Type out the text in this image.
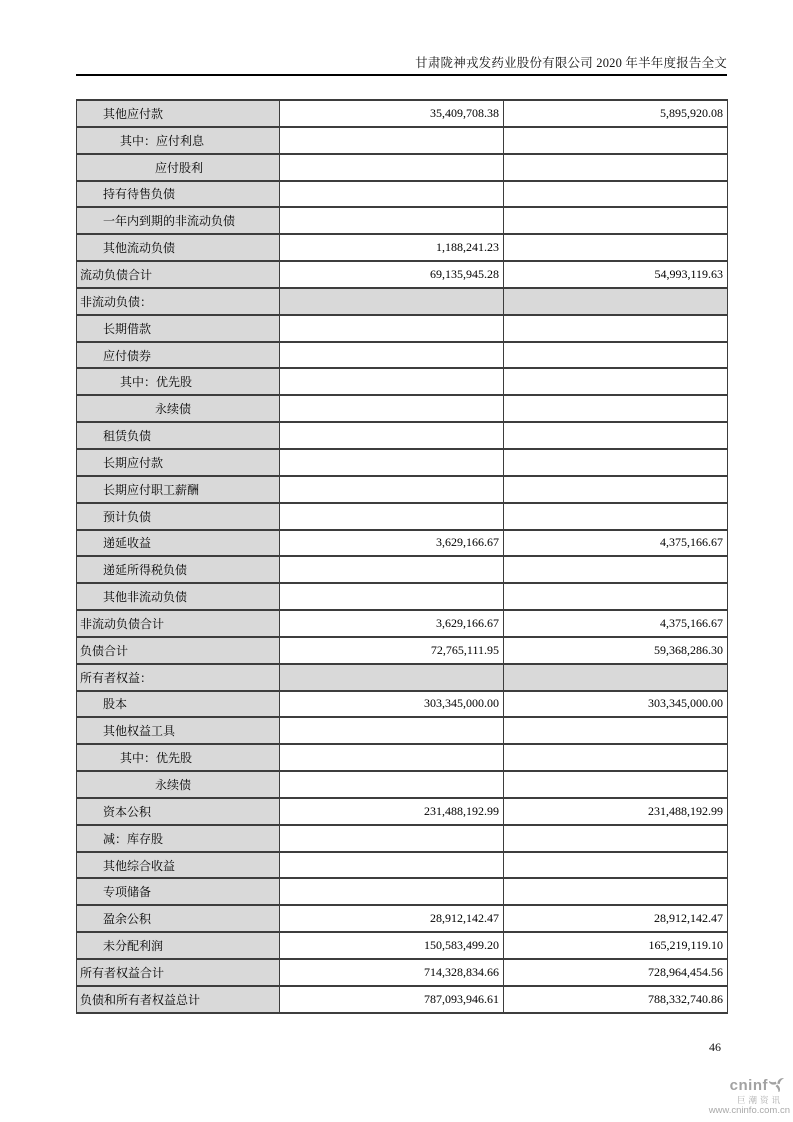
甘肃陇神戎发药业股份有限公司 2020 年半年度报告全文
其他应付款	35,409,708.38	5,895,920.08
其中：应付利息		
应付股利		
持有待售负债		
一年内到期的非流动负债		
其他流动负债	1,188,241.23	
流动负债合计	69,135,945.28	54,993,119.63
非流动负债：		
长期借款		
应付债券		
其中：优先股		
永续债		
租赁负债		
长期应付款		
长期应付职工薪酬		
预计负债		
递延收益	3,629,166.67	4,375,166.67
递延所得税负债		
其他非流动负债		
非流动负债合计	3,629,166.67	4,375,166.67
负债合计	72,765,111.95	59,368,286.30
所有者权益：		
股本	303,345,000.00	303,345,000.00
其他权益工具		
其中：优先股		
永续债		
资本公积	231,488,192.99	231,488,192.99
减：库存股		
其他综合收益		
专项储备		
盈余公积	28,912,142.47	28,912,142.47
未分配利润	150,583,499.20	165,219,119.10
所有者权益合计	714,328,834.66	728,964,454.56
负债和所有者权益总计	787,093,946.61	788,332,740.86
46
cninf
巨潮资讯
www.cninfo.com.cn
